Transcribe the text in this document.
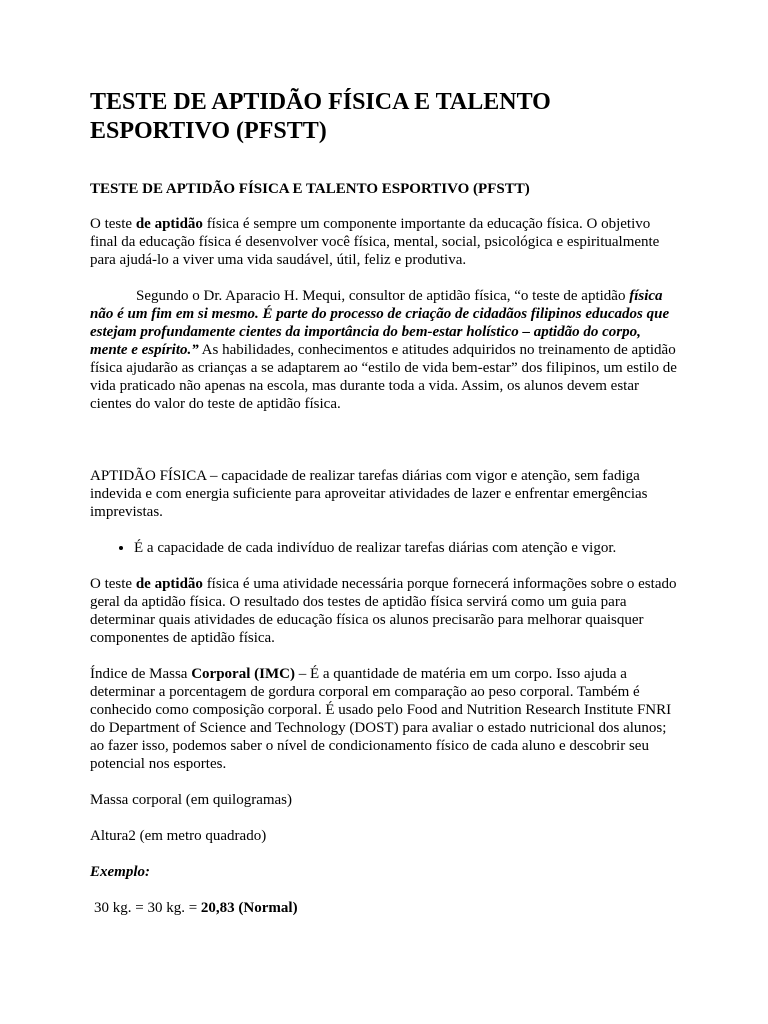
TESTE DE APTIDÃO FÍSICA E TALENTO ESPORTIVO (PFSTT)
TESTE DE APTIDÃO FÍSICA E TALENTO ESPORTIVO (PFSTT)

O teste de aptidão física é sempre um componente importante da educação física. O objetivo final da educação física é desenvolver você física, mental, social, psicológica e espiritualmente para ajudá-lo a viver uma vida saudável, útil, feliz e produtiva.

Segundo o Dr. Aparacio H. Mequi, consultor de aptidão física, “o teste de aptidão física não é um fim em si mesmo. É parte do processo de criação de cidadãos filipinos educados que estejam profundamente cientes da importância do bem-estar holístico – aptidão do corpo, mente e espírito.” As habilidades, conhecimentos e atitudes adquiridos no treinamento de aptidão física ajudarão as crianças a se adaptarem ao “estilo de vida bem-estar” dos filipinos, um estilo de vida praticado não apenas na escola, mas durante toda a vida. Assim, os alunos devem estar cientes do valor do teste de aptidão física.

APTIDÃO FÍSICA – capacidade de realizar tarefas diárias com vigor e atenção, sem fadiga indevida e com energia suficiente para aproveitar atividades de lazer e enfrentar emergências imprevistas.

• É a capacidade de cada indivíduo de realizar tarefas diárias com atenção e vigor.

O teste de aptidão física é uma atividade necessária porque fornecerá informações sobre o estado geral da aptidão física. O resultado dos testes de aptidão física servirá como um guia para determinar quais atividades de educação física os alunos precisarão para melhorar quaisquer componentes de aptidão física.

Índice de Massa Corporal (IMC) – É a quantidade de matéria em um corpo. Isso ajuda a determinar a porcentagem de gordura corporal em comparação ao peso corporal. Também é conhecido como composição corporal. É usado pelo Food and Nutrition Research Institute FNRI do Department of Science and Technology (DOST) para avaliar o estado nutricional dos alunos; ao fazer isso, podemos saber o nível de condicionamento físico de cada aluno e descobrir seu potencial nos esportes.

Massa corporal (em quilogramas)

Altura2 (em metro quadrado)

Exemplo:

30 kg. = 30 kg. = 20,83 (Normal)
